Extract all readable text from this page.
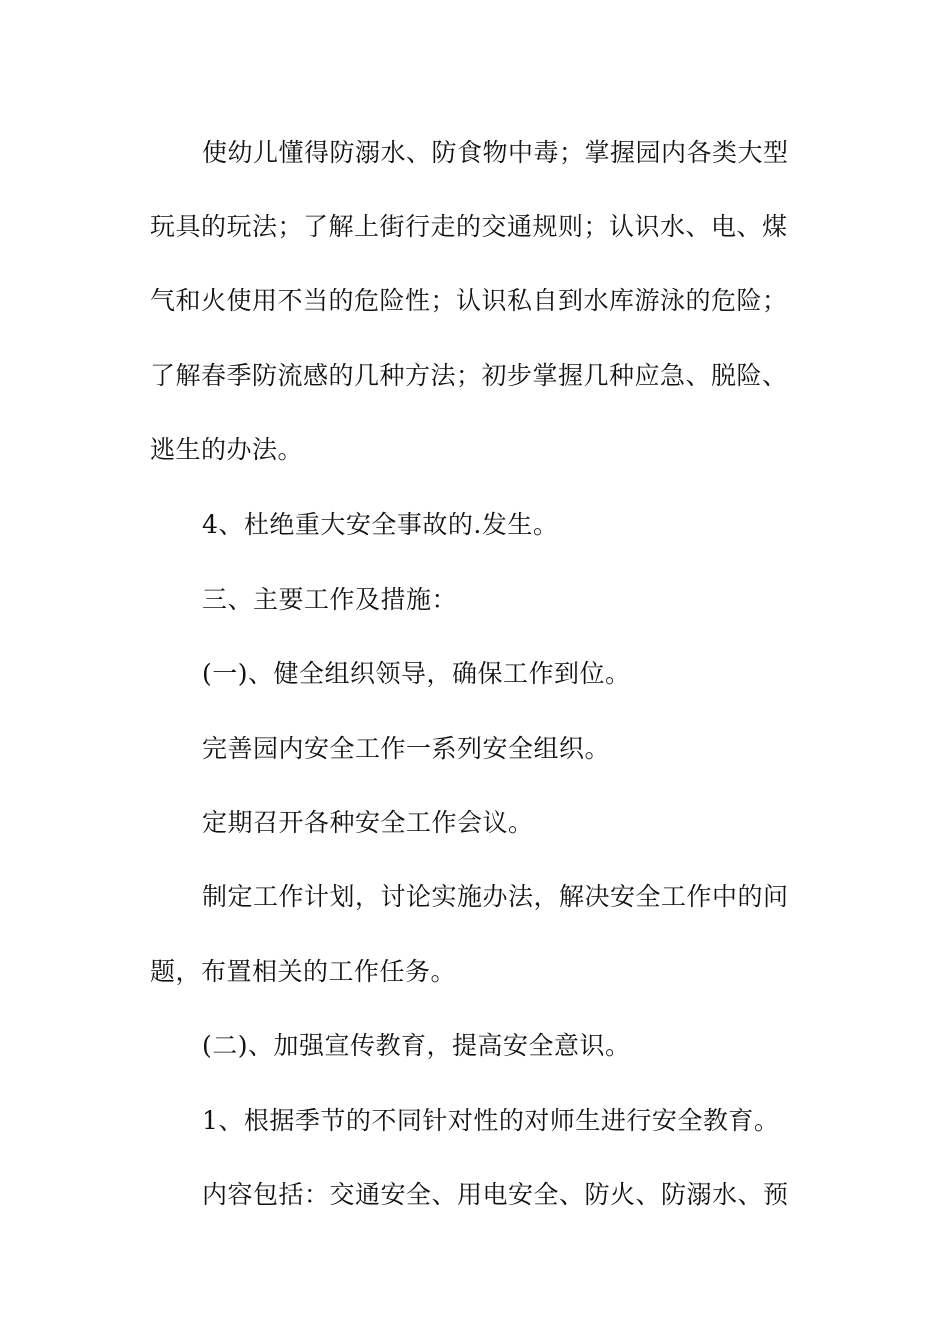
使幼儿懂得防溺水、防食物中毒；掌握园内各类大型
玩具的玩法；了解上街行走的交通规则；认识水、电、煤
气和火使用不当的危险性；认识私自到水库游泳的危险；
了解春季防流感的几种方法；初步掌握几种应急、脱险、
逃生的办法。
4、杜绝重大安全事故的.发生。
三、主要工作及措施：
(一)、健全组织领导，确保工作到位。
完善园内安全工作一系列安全组织。
定期召开各种安全工作会议。
制定工作计划，讨论实施办法，解决安全工作中的问
题，布置相关的工作任务。
(二)、加强宣传教育，提高安全意识。
1、根据季节的不同针对性的对师生进行安全教育。
内容包括：交通安全、用电安全、防火、防溺水、预
